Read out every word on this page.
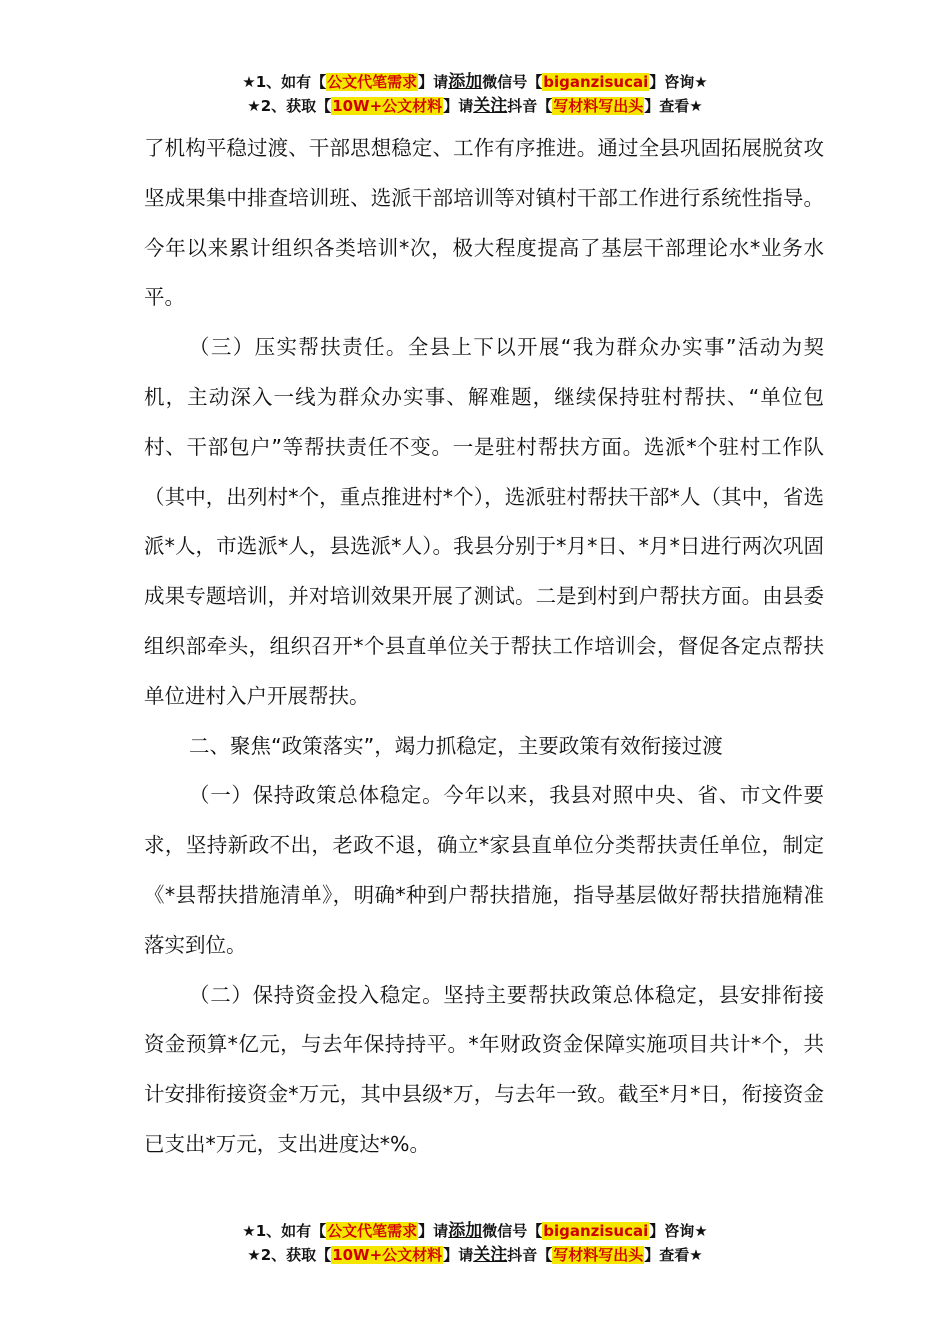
★1、如有【公文代笔需求】请添加微信号【biganzisucai】咨询★
★2、获取【10W+公文材料】请关注抖音【写材料写出头】查看★

了机构平稳过渡、干部思想稳定、工作有序推进。通过全县巩固拓展脱贫攻坚成果集中排查培训班、选派干部培训等对镇村干部工作进行系统性指导。今年以来累计组织各类培训*次，极大程度提高了基层干部理论水*业务水平。

（三）压实帮扶责任。全县上下以开展“我为群众办实事”活动为契机，主动深入一线为群众办实事、解难题，继续保持驻村帮扶、“单位包村、干部包户”等帮扶责任不变。一是驻村帮扶方面。选派*个驻村工作队（其中，出列村*个，重点推进村*个），选派驻村帮扶干部*人（其中，省选派*人，市选派*人，县选派*人）。我县分别于*月*日、*月*日进行两次巩固成果专题培训，并对培训效果开展了测试。二是到村到户帮扶方面。由县委组织部牵头，组织召开*个县直单位关于帮扶工作培训会，督促各定点帮扶单位进村入户开展帮扶。

二、聚焦“政策落实”，竭力抓稳定，主要政策有效衔接过渡

（一）保持政策总体稳定。今年以来，我县对照中央、省、市文件要求，坚持新政不出，老政不退，确立*家县直单位分类帮扶责任单位，制定《*县帮扶措施清单》，明确*种到户帮扶措施，指导基层做好帮扶措施精准落实到位。

（二）保持资金投入稳定。坚持主要帮扶政策总体稳定，县安排衔接资金预算*亿元，与去年保持持平。*年财政资金保障实施项目共计*个，共计安排衔接资金*万元，其中县级*万，与去年一致。截至*月*日，衔接资金已支出*万元，支出进度达*%。

★1、如有【公文代笔需求】请添加微信号【biganzisucai】咨询★
★2、获取【10W+公文材料】请关注抖音【写材料写出头】查看★
